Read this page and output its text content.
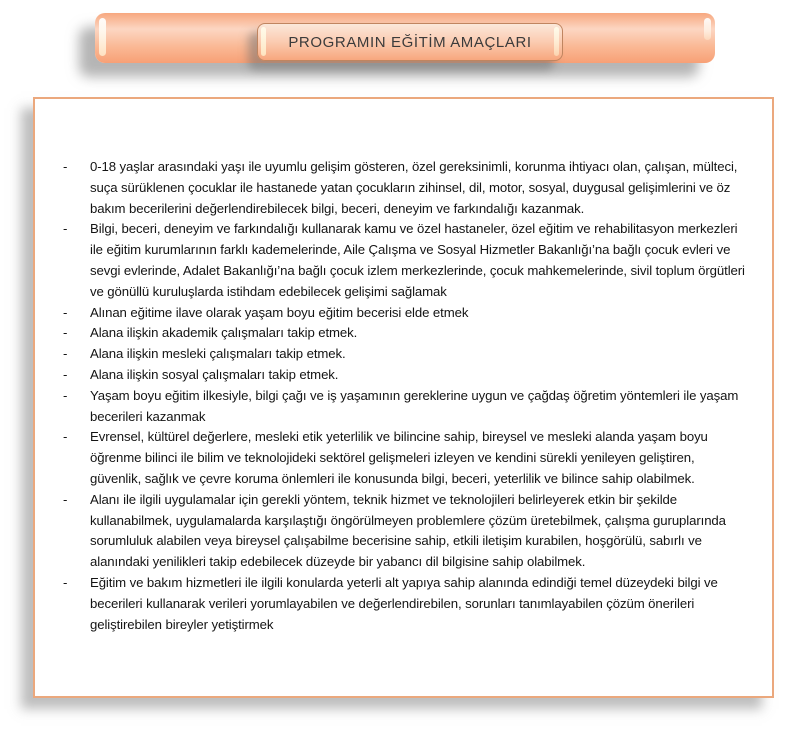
PROGRAMIN EĞİTİM AMAÇLARI
-	0-18 yaşlar arasındaki yaşı ile uyumlu gelişim gösteren, özel gereksinimli, korunma ihtiyacı olan, çalışan, mülteci, suça sürüklenen çocuklar ile hastanede yatan çocukların zihinsel, dil, motor, sosyal, duygusal gelişimlerini ve öz bakım becerilerini değerlendirebilecek bilgi, beceri, deneyim ve farkındalığı kazanmak.
-	Bilgi, beceri, deneyim ve farkındalığı kullanarak kamu ve özel hastaneler, özel eğitim ve rehabilitasyon merkezleri ile eğitim kurumlarının farklı kademelerinde, Aile Çalışma ve Sosyal Hizmetler Bakanlığı’na bağlı çocuk evleri ve sevgi evlerinde, Adalet Bakanlığı’na bağlı çocuk izlem merkezlerinde, çocuk mahkemelerinde, sivil toplum örgütleri ve gönüllü kuruluşlarda istihdam edebilecek gelişimi sağlamak
-	Alınan eğitime ilave olarak yaşam boyu eğitim becerisi elde etmek
-	Alana ilişkin akademik çalışmaları takip etmek.
-	Alana ilişkin mesleki çalışmaları takip etmek.
-	Alana ilişkin sosyal çalışmaları takip etmek.
-	Yaşam boyu eğitim ilkesiyle, bilgi çağı ve iş yaşamının gereklerine uygun ve çağdaş öğretim yöntemleri ile yaşam becerileri kazanmak
-	Evrensel, kültürel değerlere, mesleki etik yeterlilik ve bilincine sahip, bireysel ve mesleki alanda yaşam boyu öğrenme bilinci ile bilim ve teknolojideki sektörel gelişmeleri izleyen ve kendini sürekli yenileyen geliştiren, güvenlik, sağlık ve çevre koruma önlemleri ile konusunda bilgi, beceri, yeterlilik ve bilince sahip olabilmek.
-	Alanı ile ilgili uygulamalar için gerekli yöntem, teknik hizmet ve teknolojileri belirleyerek etkin bir şekilde kullanabilmek, uygulamalarda karşılaştığı öngörülmeyen problemlere çözüm üretebilmek, çalışma guruplarında sorumluluk alabilen veya bireysel çalışabilme becerisine sahip, etkili iletişim kurabilen, hoşgörülü, sabırlı ve alanındaki yenilikleri takip edebilecek düzeyde bir yabancı dil bilgisine sahip olabilmek.
-	Eğitim ve bakım hizmetleri ile ilgili konularda yeterli alt yapıya sahip alanında edindiği temel düzeydeki bilgi ve becerileri kullanarak verileri yorumlayabilen ve değerlendirebilen, sorunları tanımlayabilen çözüm önerileri geliştirebilen bireyler yetiştirmek
